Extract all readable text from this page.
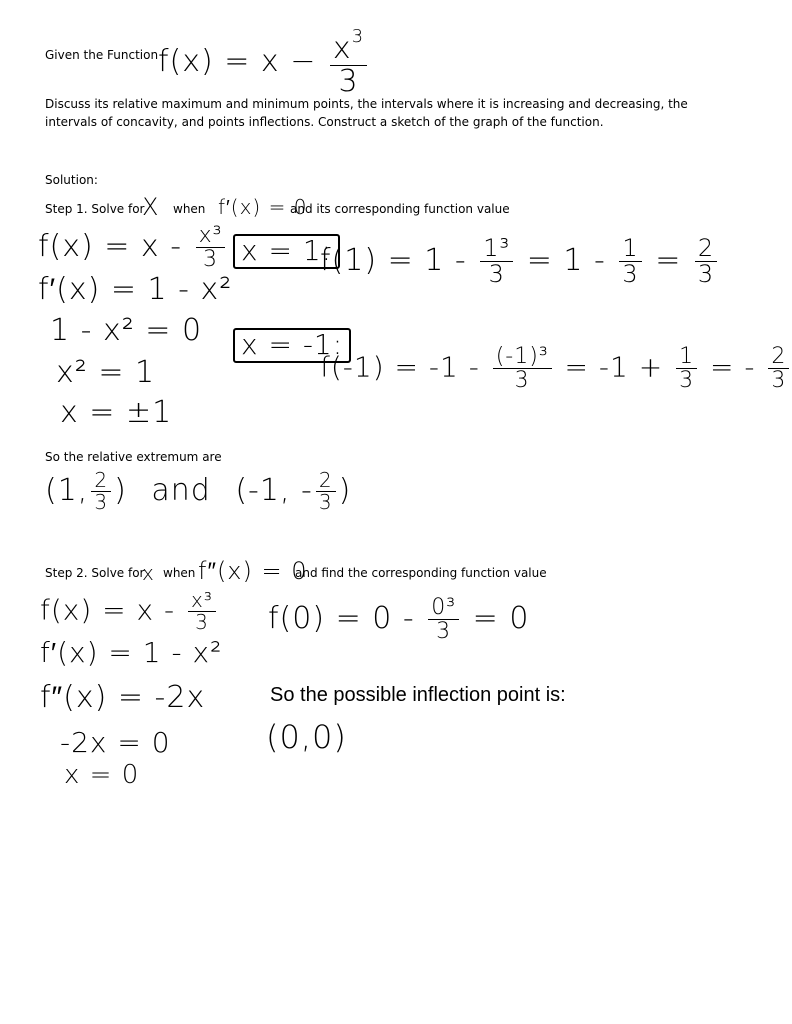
Given the Function $f(x) = x - \frac{x^3}{3}$
Discuss its relative maximum and minimum points, the intervals where it is increasing and decreasing, the intervals of concavity, and points inflections. Construct a sketch of the graph of the function.
Solution:
Step 1. Solve for
X when f′(x) = 0
and its corresponding function value
$f(x) = x - \frac{\text{x³}}{3}$
f′(x) = 1 - x²
1 - x² = 0
x² = 1
x = ±1
x = 1:
$f(1) = 1 - \frac{\text{1³}}{3} = 1 - \frac{1}{3} = \frac{2}{3}$
x = -1:
$f(-1) = -1 - \frac{\text{(-1)³}}{3} = -1 + \frac{1}{3}$ = - $\frac{2}{3}$
So the relative extremum are
(1, $\frac{2}{3}$ ) and (-1, - $\frac{2}{3}$ )
Step 2. Solve for
x when f″(x) = 0
and find the corresponding function value
$f(x) = x - \frac{\text{x³}}{3}$
f′(x) = 1 - x²
f″(x) = -2x
-2x = 0
x = 0
$f(0) = 0 - \frac{\text{0³}}{3} = 0$
So the possible inflection point is:
(0,0)
